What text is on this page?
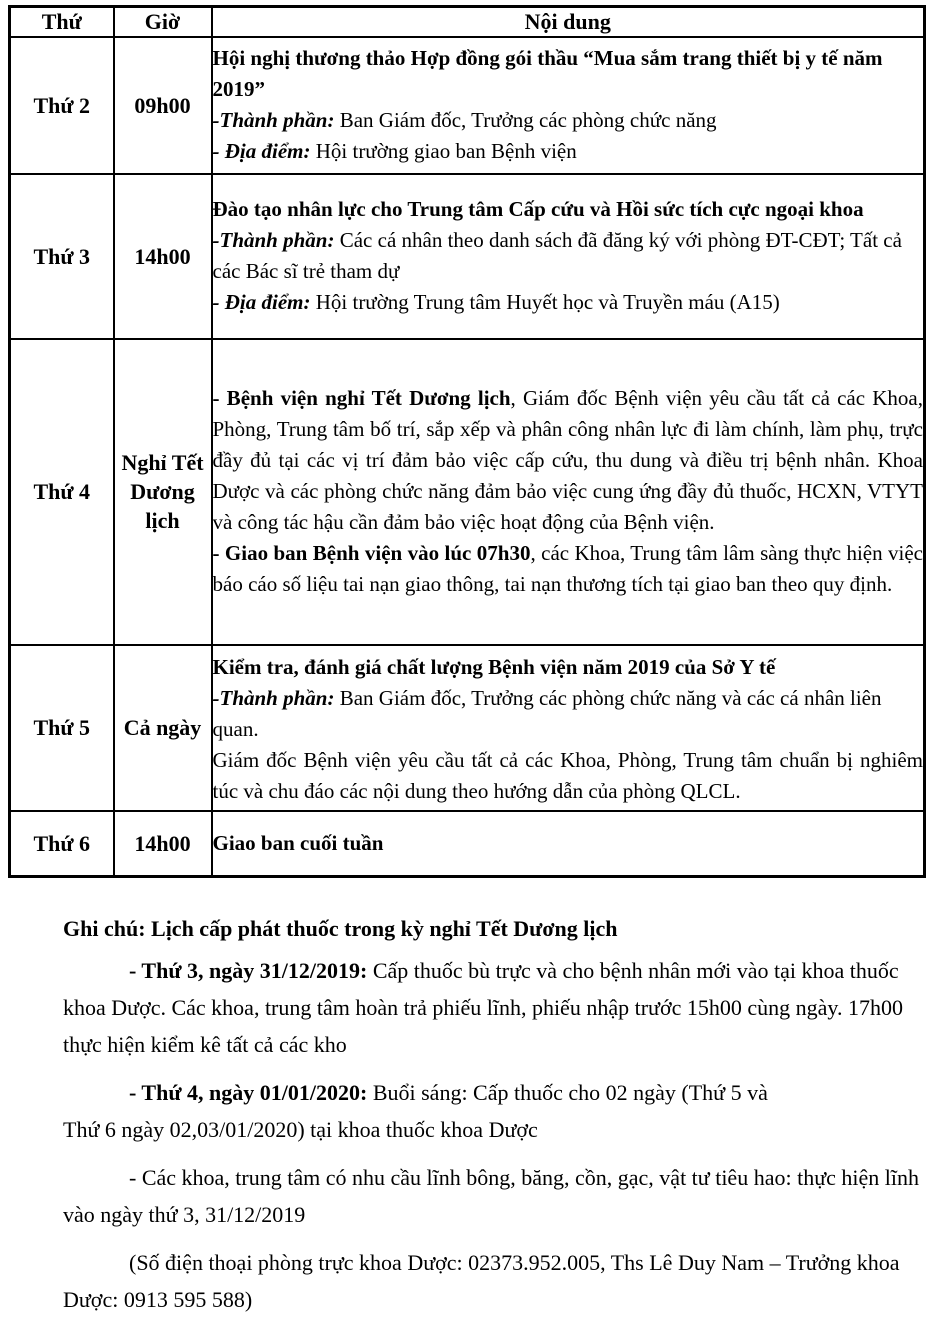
Thứ	Giờ	Nội dung
Thứ 2	09h00	Hội nghị thương thảo Hợp đồng gói thầu “Mua sắm trang thiết bị y tế năm 2019”

-Thành phần: Ban Giám đốc, Trưởng các phòng chức năng

- Địa điểm: Hội trường giao ban Bệnh viện

Thứ 3	14h00	Đào tạo nhân lực cho Trung tâm Cấp cứu và Hồi sức tích cực ngoại khoa

-Thành phần: Các cá nhân theo danh sách đã đăng ký với phòng ĐT-CĐT; Tất cả các Bác sĩ trẻ tham dự

- Địa điểm: Hội trường Trung tâm Huyết học và Truyền máu (A15)

Thứ 4	Nghỉ Tết Dương lịch	- Bệnh viện nghỉ Tết Dương lịch, Giám đốc Bệnh viện yêu cầu tất cả các Khoa, Phòng, Trung tâm bố trí, sắp xếp và phân công nhân lực đi làm chính, làm phụ, trực đầy đủ tại các vị trí đảm bảo việc cấp cứu, thu dung và điều trị bệnh nhân. Khoa Dược và các phòng chức năng đảm bảo việc cung ứng đầy đủ thuốc, HCXN, VTYT và công tác hậu cần đảm bảo việc hoạt động của Bệnh viện.

- Giao ban Bệnh viện vào lúc 07h30, các Khoa, Trung tâm lâm sàng thực hiện việc báo cáo số liệu tai nạn giao thông, tai nạn thương tích tại giao ban theo quy định.

Thứ 5	Cả ngày	Kiểm tra, đánh giá chất lượng Bệnh viện năm 2019 của Sở Y tế

-Thành phần: Ban Giám đốc, Trưởng các phòng chức năng và các cá nhân liên quan.

Giám đốc Bệnh viện yêu cầu tất cả các Khoa, Phòng, Trung tâm chuẩn bị nghiêm túc và chu đáo các nội dung theo hướng dẫn của phòng QLCL.

Thứ 6	14h00	Giao ban cuối tuần

Ghi chú: Lịch cấp phát thuốc trong kỳ nghỉ Tết Dương lịch

- Thứ 3, ngày 31/12/2019: Cấp thuốc bù trực và cho bệnh nhân mới vào tại khoa thuốc khoa Dược. Các khoa, trung tâm hoàn trả phiếu lĩnh, phiếu nhập trước 15h00 cùng ngày. 17h00 thực hiện kiểm kê tất cả các kho

- Thứ 4, ngày 01/01/2020: Buổi sáng: Cấp thuốc cho 02 ngày (Thứ 5 và
Thứ 6 ngày 02,03/01/2020) tại khoa thuốc khoa Dược

- Các khoa, trung tâm có nhu cầu lĩnh bông, băng, cồn, gạc, vật tư tiêu hao: thực hiện lĩnh vào ngày thứ 3, 31/12/2019

(Số điện thoại phòng trực khoa Dược: 02373.952.005, Ths Lê Duy Nam – Trưởng khoa Dược: 0913 595 588)
